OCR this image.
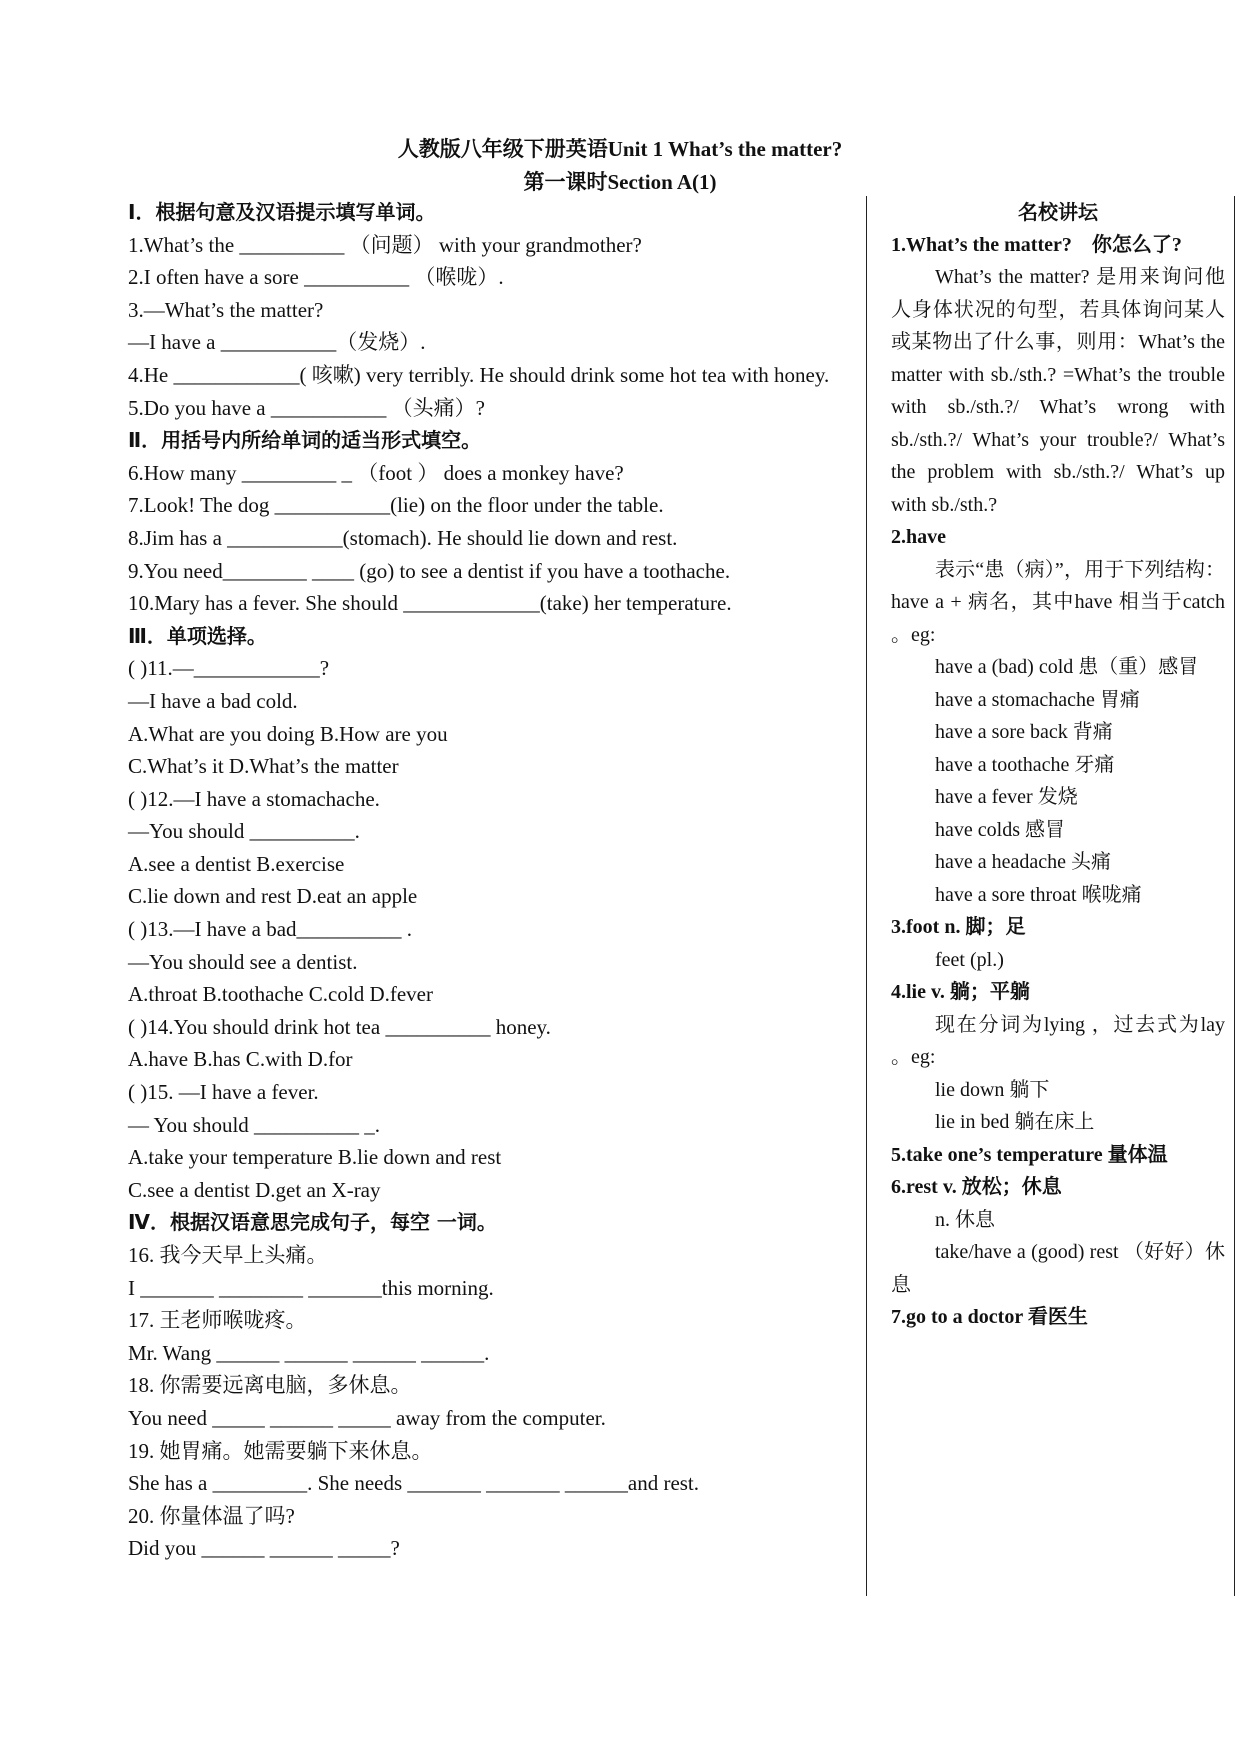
人教版八年级下册英语Unit 1 What’s the matter?
第一课时Section A(1)
Ⅰ．根据句意及汉语提示填写单词。
1.What’s the __________ （问题） with your grandmother?
2.I often have a sore __________ （喉咙）.
3.—What’s the matter?
—I have a ___________（发烧）.
4.He ____________( 咳嗽) very terribly. He should drink some hot tea with honey.
5.Do you have a ___________ （头痛）?
Ⅱ．用括号内所给单词的适当形式填空。
6.How many _________ _ （foot ） does a monkey have?
7.Look! The dog ___________(lie) on the floor under the table.
8.Jim has a ___________(stomach). He should lie down and rest.
9.You need________ ____ (go) to see a dentist if you have a toothache.
10.Mary has a fever. She should _____________(take) her temperature.
Ⅲ．单项选择。
( )11.—____________?
—I have a bad cold.
A.What are you doing B.How are you
C.What’s it D.What’s the matter
( )12.—I have a stomachache.
—You should __________.
A.see a dentist B.exercise
C.lie down and rest D.eat an apple
( )13.—I have a bad__________ .
—You should see a dentist.
A.throat B.toothache C.cold D.fever
( )14.You should drink hot tea __________ honey.
A.have B.has C.with D.for
( )15. —I have a fever.
— You should __________ _.
A.take your temperature B.lie down and rest
C.see a dentist D.get an X-ray
Ⅳ．根据汉语意思完成句子，每空 一词。
16. 我今天早上头痛。
I _______ ________ _______this morning.
17. 王老师喉咙疼。
Mr. Wang ______ ______ ______ ______.
18. 你需要远离电脑，多休息。
You need _____ ______ _____ away from the computer.
19. 她胃痛。她需要躺下来休息。
She has a _________. She needs _______ _______ ______and rest.
20. 你量体温了吗?
Did you ______ ______ _____?
名校讲坛
1.What’s the matter?　你怎么了?
What’s the matter? 是用来询问他人身体状况的句型，若具体询问某人或某物出了什么事，则用：What’s the matter with sb./sth.? =What’s the trouble with sb./sth.?/ What’s wrong with sb./sth.?/ What’s your trouble?/ What’s the problem with sb./sth.?/ What’s up with sb./sth.?
2.have
表示“患（病）”，用于下列结构：have a + 病名，其中have 相当于catch 。eg:
have a (bad) cold 患（重）感冒
have a stomachache 胃痛
have a sore back 背痛
have a toothache 牙痛
have a fever 发烧
have colds 感冒
have a headache 头痛
have a sore throat 喉咙痛
3.foot n. 脚；足
feet (pl.)
4.lie v. 躺；平躺
现在分词为lying ，过去式为lay 。eg:
lie down 躺下
lie in bed 躺在床上
5.take one’s temperature 量体温
6.rest v. 放松；休息
n. 休息
take/have a (good) rest （好好）休息
7.go to a doctor 看医生
